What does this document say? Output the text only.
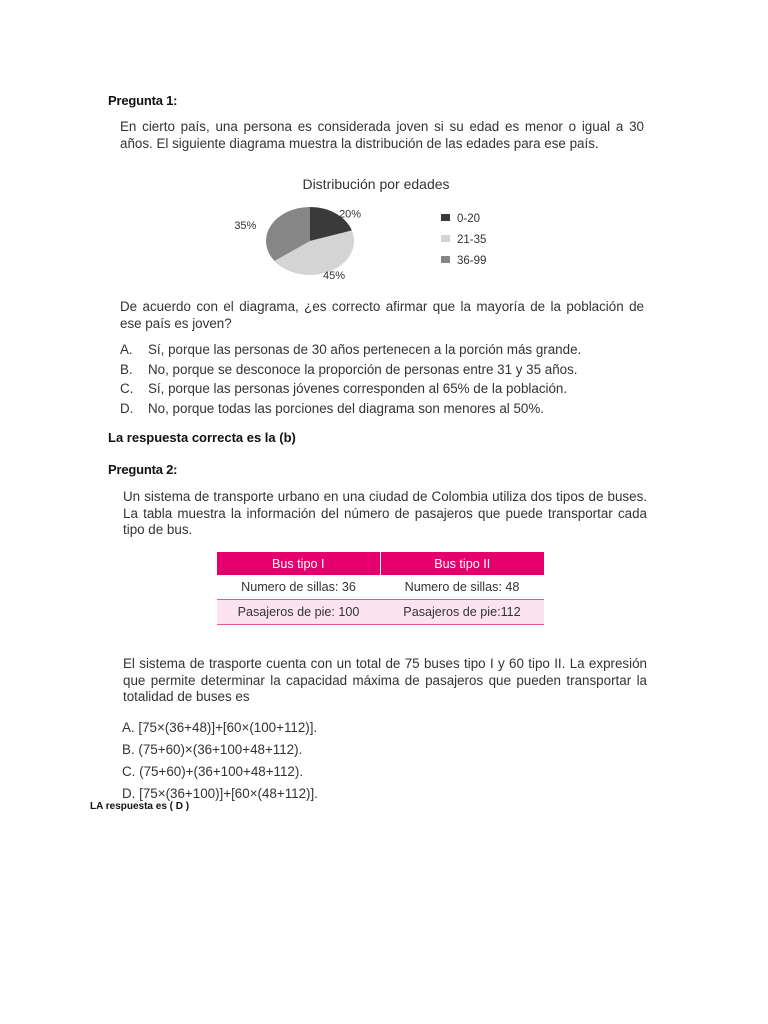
Pregunta 1:
En cierto país, una persona es considerada joven si su edad es menor o igual a 30 años. El siguiente diagrama muestra la distribución de las edades para ese país.
Distribución por edades
20%
45%
35%
0-20
21-35
36-99
De acuerdo con el diagrama, ¿es correcto afirmar que la mayoría de la población de ese país es joven?
A. Sí, porque las personas de 30 años pertenecen a la porción más grande.
B. No, porque se desconoce la proporción de personas entre 31 y 35 años.
C. Sí, porque las personas jóvenes corresponden al 65% de la población.
D. No, porque todas las porciones del diagrama son menores al 50%.
La respuesta correcta es la (b)
Pregunta 2:
Un sistema de transporte urbano en una ciudad de Colombia utiliza dos tipos de buses. La tabla muestra la información del número de pasajeros que puede transportar cada tipo de bus.
Bus tipo I	Bus tipo II
Numero de sillas: 36	Numero de sillas: 48
Pasajeros de pie: 100	Pasajeros de pie:112
El sistema de trasporte cuenta con un total de 75 buses tipo I y 60 tipo II. La expresión que permite determinar la capacidad máxima de pasajeros que pueden transportar la totalidad de buses es
A. [75×(36+48)]+[60×(100+112)].
B. (75+60)×(36+100+48+112).
C. (75+60)+(36+100+48+112).
D. [75×(36+100)]+[60×(48+112)].
LA respuesta es ( D )
